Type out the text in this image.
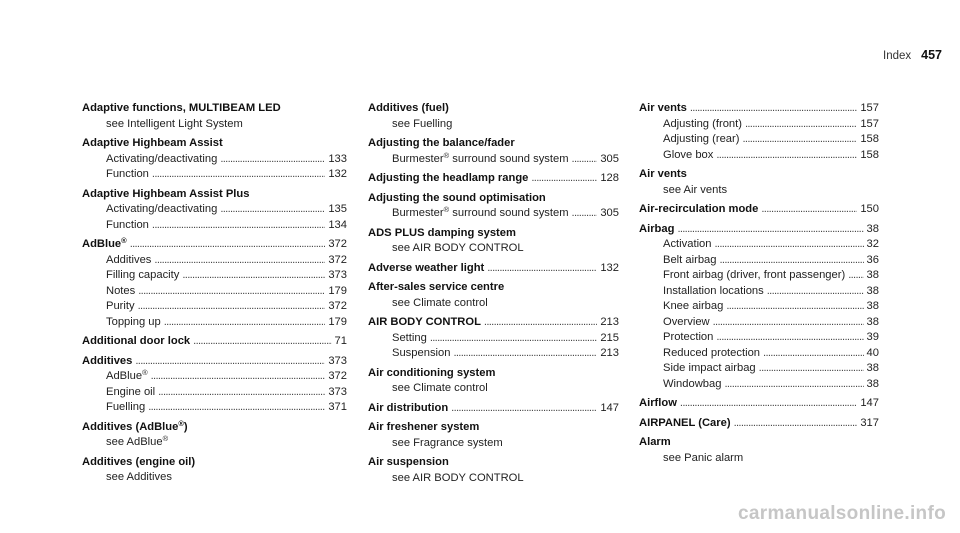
Index 457
Adaptive functions, MULTIBEAM LED
see Intelligent Light System
Adaptive Highbeam Assist
Activating/deactivating . . .	133
Function . . .	132
Adaptive Highbeam Assist Plus
Activating/deactivating . . .	135
Function . . .	134
AdBlue® . . .	372
Additives . . .	372
Filling capacity . . .	373
Notes . . .	179
Purity . . .	372
Topping up . . .	179
Additional door lock . . .	71
Additives . . .	373
AdBlue® . . .	372
Engine oil . . .	373
Fuelling . . .	371
Additives (AdBlue®)
see AdBlue®
Additives (engine oil)
see Additives
Additives (fuel)
see Fuelling
Adjusting the balance/fader
Burmester® surround sound system . . .	305
Adjusting the headlamp range . . .	128
Adjusting the sound optimisation
Burmester® surround sound system . . .	305
ADS PLUS damping system
see AIR BODY CONTROL
Adverse weather light . . .	132
After-sales service centre
see Climate control
AIR BODY CONTROL . . .	213
Setting . . .	215
Suspension . . .	213
Air conditioning system
see Climate control
Air distribution . . .	147
Air freshener system
see Fragrance system
Air suspension
see AIR BODY CONTROL
Air vents . . .	157
Adjusting (front) . . .	157
Adjusting (rear) . . .	158
Glove box . . .	158
Air vents
see Air vents
Air-recirculation mode . . .	150
Airbag . . .	38
Activation . . .	32
Belt airbag . . .	36
Front airbag (driver, front passenger) . . . 38
Installation locations . . .	38
Knee airbag . . .	38
Overview . . .	38
Protection . . .	39
Reduced protection . . .	40
Side impact airbag . . .	38
Windowbag . . .	38
Airflow . . .	147
AIRPANEL (Care) . . .	317
Alarm
see Panic alarm
carmanualsonline.info
